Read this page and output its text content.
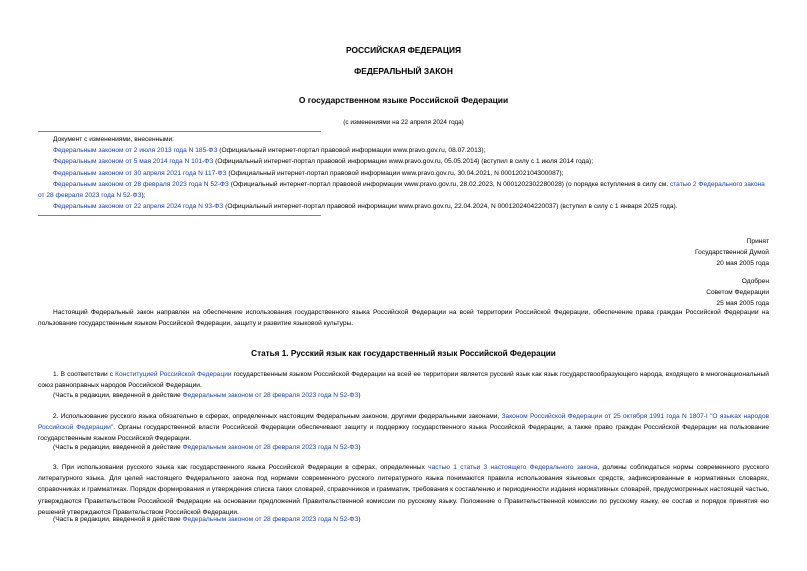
РОССИЙСКАЯ ФЕДЕРАЦИЯ
ФЕДЕРАЛЬНЫЙ ЗАКОН
О государственном языке Российской Федерации
(с изменениями на 22 апреля 2024 года)
Документ с изменениями, внесенными:
Федеральным законом от 2 июля 2013 года N 185-ФЗ (Официальный интернет-портал правовой информации www.pravo.gov.ru, 08.07.2013);
Федеральным законом от 5 мая 2014 года N 101-ФЗ (Официальный интернет-портал правовой информации www.pravo.gov.ru, 05.05.2014) (вступил в силу с 1 июля 2014 года);
Федеральным законом от 30 апреля 2021 года N 117-ФЗ (Официальный интернет-портал правовой информации www.pravo.gov.ru, 30.04.2021, N 0001202104300087);
Федеральным законом от 28 февраля 2023 года N 52-ФЗ (Официальный интернет-портал правовой информации www.pravo.gov.ru, 28.02.2023, N 0001202302280028) (о порядке вступления в силу см. статью 2 Федерального закона от 28 февраля 2023 года N 52-ФЗ);
Федеральным законом от 22 апреля 2024 года N 93-ФЗ (Официальный интернет-портал правовой информации www.pravo.gov.ru, 22.04.2024, N 0001202404220037) (вступил в силу с 1 января 2025 года).
Принят
Государственной Думой
20 мая 2005 года
Одобрен
Советом Федерации
25 мая 2005 года
Настоящий Федеральный закон направлен на обеспечение использования государственного языка Российской Федерации на всей территории Российской Федерации, обеспечение права граждан Российской Федерации на пользование государственным языком Российской Федерации, защиту и развитие языковой культуры.
Статья 1. Русский язык как государственный язык Российской Федерации
1. В соответствии с Конституцией Российской Федерации государственным языком Российской Федерации на всей ее территории является русский язык как язык государствообразующего народа, входящего в многонациональный союз равноправных народов Российской Федерации.
(Часть в редакции, введенной в действие Федеральным законом от 28 февраля 2023 года N 52-ФЗ)
2. Использование русского языка обязательно в сферах, определенных настоящим Федеральным законом, другими федеральными законами, Законом Российской Федерации от 25 октября 1991 года N 1807-I "О языках народов Российской Федерации". Органы государственной власти Российской Федерации обеспечивают защиту и поддержку государственного языка Российской Федерации, а также право граждан Российской Федерации на пользование государственным языком Российской Федерации.
(Часть в редакции, введенной в действие Федеральным законом от 28 февраля 2023 года N 52-ФЗ)
3. При использовании русского языка как государственного языка Российской Федерации в сферах, определенных частью 1 статьи 3 настоящего Федерального закона, должны соблюдаться нормы современного русского литературного языка. Для целей настоящего Федерального закона под нормами современного русского литературного языка понимаются правила использования языковых средств, зафиксированные в нормативных словарях, справочниках и грамматиках. Порядок формирования и утверждения списка таких словарей, справочников и грамматик, требования к составлению и периодичности издания нормативных словарей, предусмотренных настоящей частью, утверждаются Правительством Российской Федерации на основании предложений Правительственной комиссии по русскому языку. Положение о Правительственной комиссии по русскому языку, ее состав и порядок принятия ею решений утверждаются Правительством Российской Федерации.
(Часть в редакции, введенной в действие Федеральным законом от 28 февраля 2023 года N 52-ФЗ)
